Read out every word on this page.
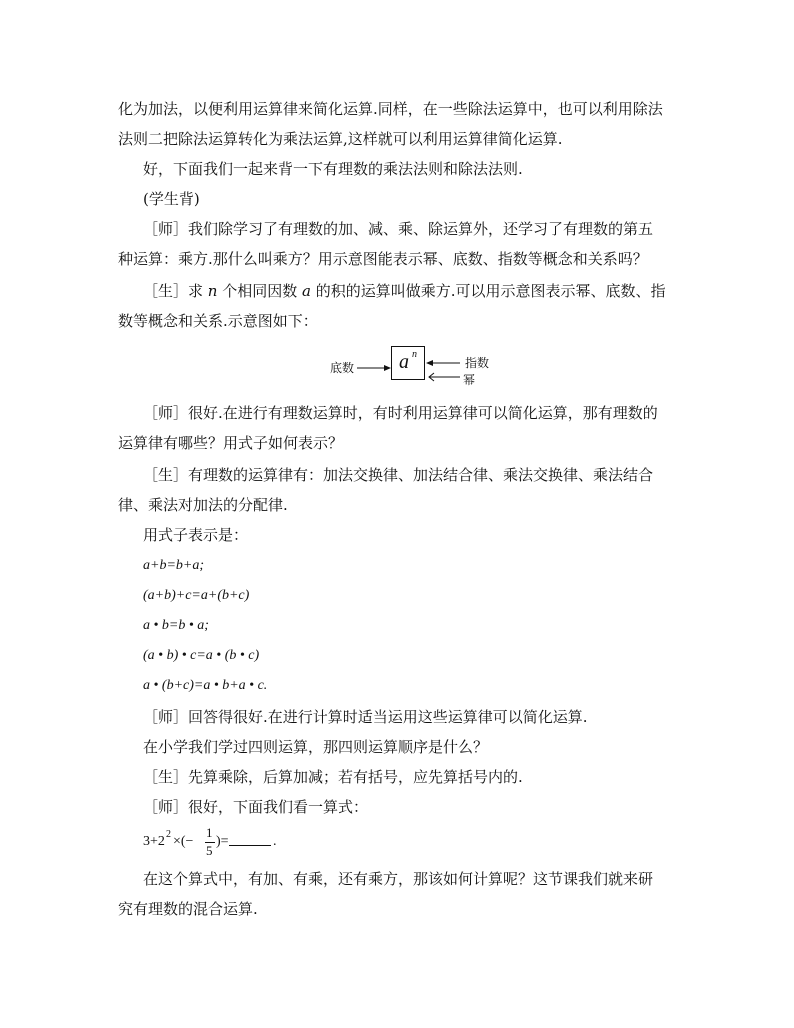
化为加法，以便利用运算律来简化运算.同样，在一些除法运算中，也可以利用除法
法则二把除法运算转化为乘法运算,这样就可以利用运算律简化运算.
好，下面我们一起来背一下有理数的乘法法则和除法法则.
(学生背)
［师］我们除学习了有理数的加、减、乘、除运算外，还学习了有理数的第五
种运算：乘方.那什么叫乘方？用示意图能表示幂、底数、指数等概念和关系吗？
［生］求 n 个相同因数 a 的积的运算叫做乘方.可以用示意图表示幂、底数、指
数等概念和关系.示意图如下：
底数 a n
指数
幂
［师］很好.在进行有理数运算时，有时利用运算律可以简化运算，那有理数的
运算律有哪些？用式子如何表示？
［生］有理数的运算律有：加法交换律、加法结合律、乘法交换律、乘法结合
律、乘法对加法的分配律.
用式子表示是：
a+b=b+a;
(a+b)+c=a+(b+c)
a • b=b • a;
(a • b) • c=a • (b • c)
a • (b+c)=a • b+a • c.
［师］回答得很好.在进行计算时适当运用这些运算律可以简化运算.
在小学我们学过四则运算，那四则运算顺序是什么？
［生］先算乘除，后算加减；若有括号，应先算括号内的.
［师］很好，下面我们看一算式：
3+2 2 ×(−
1
5
)=	.
在这个算式中，有加、有乘，还有乘方，那该如何计算呢？这节课我们就来研
究有理数的混合运算.
